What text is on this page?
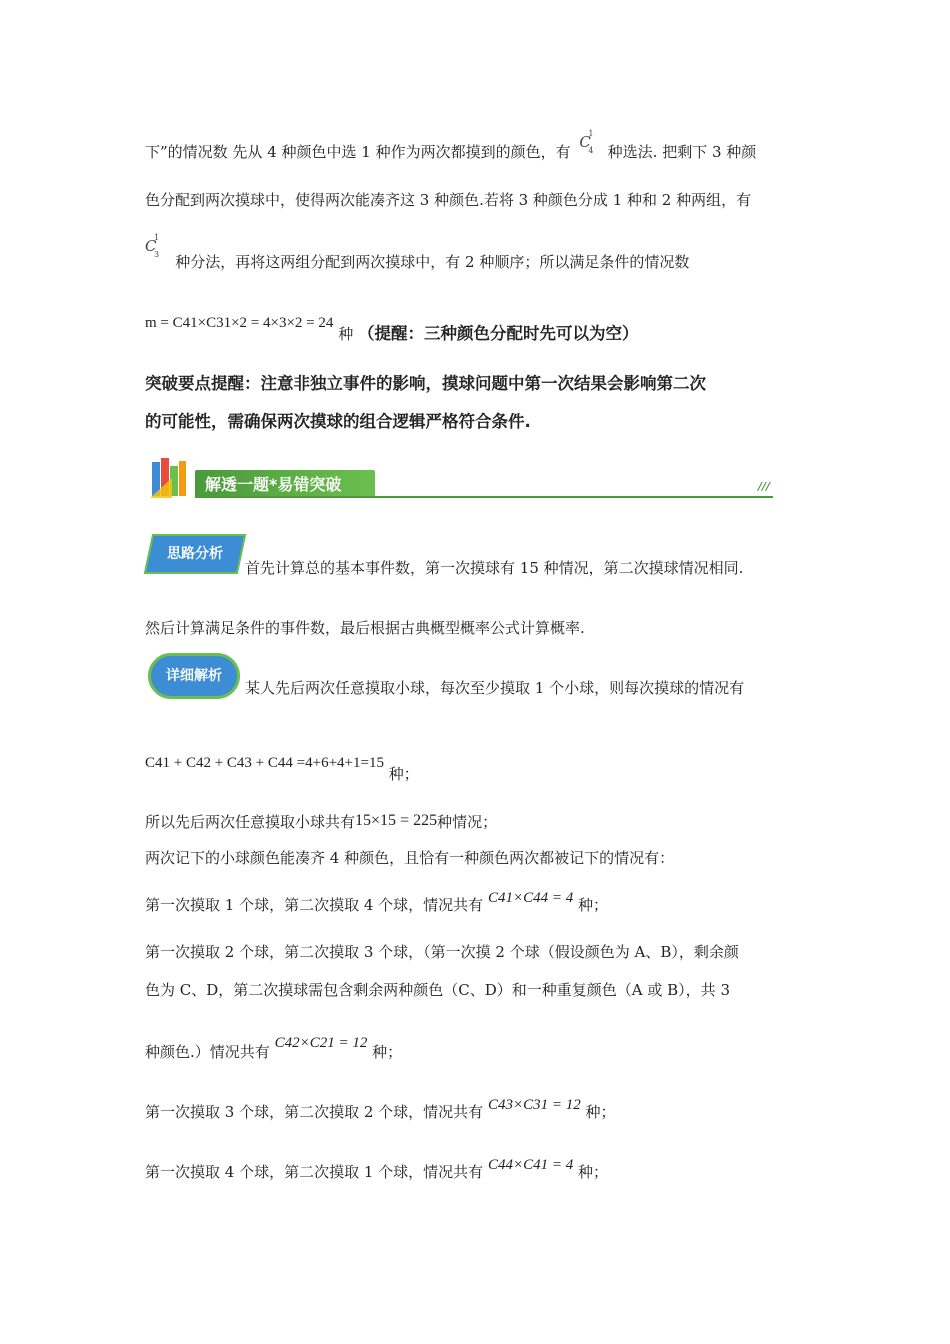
下”的情况数 先从 4 种颜色中选 1 种作为两次都摸到的颜色，有 C
1
4 种选法. 把剩下 3 种颜
色分配到两次摸球中，使得两次能凑齐这 3 种颜色.若将 3 种颜色分成 1 种和 2 种两组，有
C
1
3 种分法，再将这两组分配到两次摸球中，有 2 种顺序；所以满足条件的情况数
m = C41×C31×2 = 4×3×2 = 24 种 （提醒：三种颜色分配时先可以为空）
突破要点提醒：注意非独立事件的影响，摸球问题中第一次结果会影响第二次
的可能性，需确保两次摸球的组合逻辑严格符合条件.
解透一题*易错突破	///
思路分析
首先计算总的基本事件数，第一次摸球有 15 种情况，第二次摸球情况相同.
然后计算满足条件的事件数，最后根据古典概型概率公式计算概率.
详细解析
某人先后两次任意摸取小球，每次至少摸取 1 个小球，则每次摸球的情况有
C41 + C42 + C43 + C44 =4+6+4+1=15 种；
所以先后两次任意摸取小球共有15×15 = 225种情况；
两次记下的小球颜色能凑齐 4 种颜色，且恰有一种颜色两次都被记下的情况有：
第一次摸取 1 个球，第二次摸取 4 个球，情况共有 C41×C44 = 4 种；
第一次摸取 2 个球，第二次摸取 3 个球，（第一次摸 2 个球（假设颜色为 A、B），剩余颜
色为 C、D，第二次摸球需包含剩余两种颜色（C、D）和一种重复颜色（A 或 B），共 3
种颜色.）情况共有 C42×C21 = 12 种；
第一次摸取 3 个球，第二次摸取 2 个球，情况共有 C43×C31 = 12 种；
第一次摸取 4 个球，第二次摸取 1 个球，情况共有 C44×C41 = 4 种；
